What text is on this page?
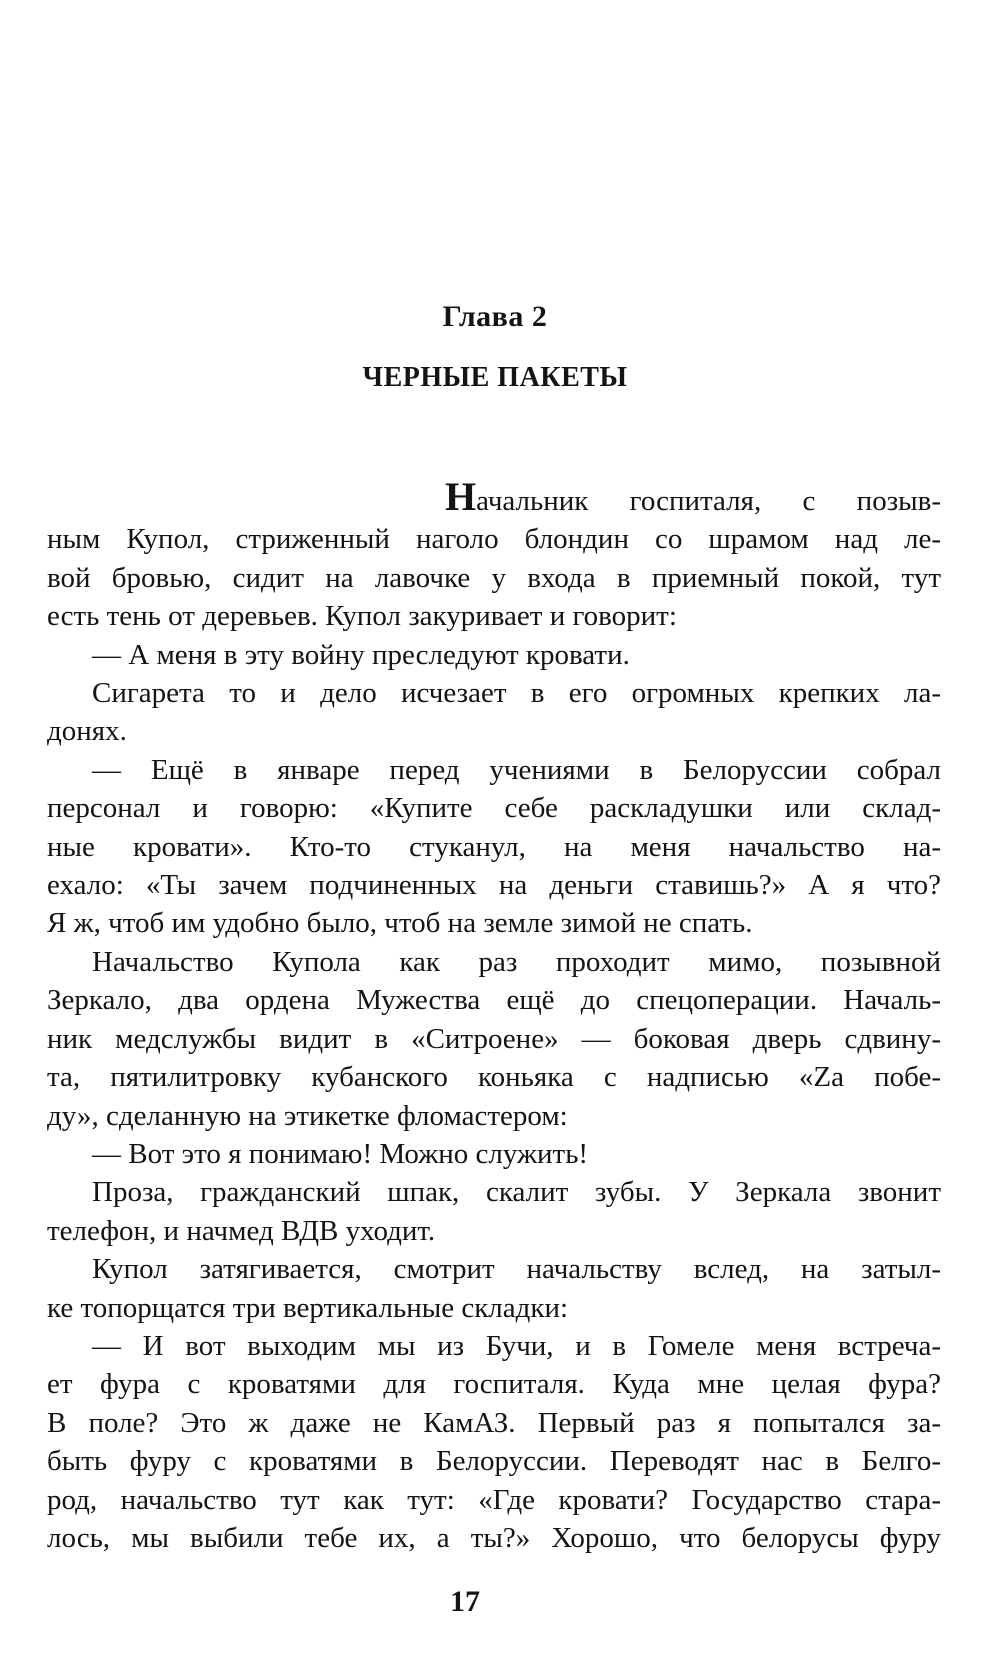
Глава 2
ЧЕРНЫЕ ПАКЕТЫ
Начальник госпиталя, с позыв-
ным Купол, стриженный наголо блондин со шрамом над ле-
вой бровью, сидит на лавочке у входа в приемный покой, тут
есть тень от деревьев. Купол закуривает и говорит:
— А меня в эту войну преследуют кровати.
Сигарета то и дело исчезает в его огромных крепких ла-
донях.
— Ещё в январе перед учениями в Белоруссии собрал
персонал и говорю: «Купите себе раскладушки или склад-
ные кровати». Кто-то стуканул, на меня начальство на-
ехало: «Ты зачем подчиненных на деньги ставишь?» А я что?
Я ж, чтоб им удобно было, чтоб на земле зимой не спать.
Начальство Купола как раз проходит мимо, позывной
Зеркало, два ордена Мужества ещё до спецоперации. Началь-
ник медслужбы видит в «Ситроене» — боковая дверь сдвину-
та, пятилитровку кубанского коньяка с надписью «Zа побе-
ду», сделанную на этикетке фломастером:
— Вот это я понимаю! Можно служить!
Проза, гражданский шпак, скалит зубы. У Зеркала звонит
телефон, и начмед ВДВ уходит.
Купол затягивается, смотрит начальству вслед, на затыл-
ке топорщатся три вертикальные складки:
— И вот выходим мы из Бучи, и в Гомеле меня встреча-
ет фура с кроватями для госпиталя. Куда мне целая фура?
В поле? Это ж даже не КамАЗ. Первый раз я попытался за-
быть фуру с кроватями в Белоруссии. Переводят нас в Белго-
род, начальство тут как тут: «Где кровати? Государство стара-
лось, мы выбили тебе их, а ты?» Хорошо, что белорусы фуру
17
